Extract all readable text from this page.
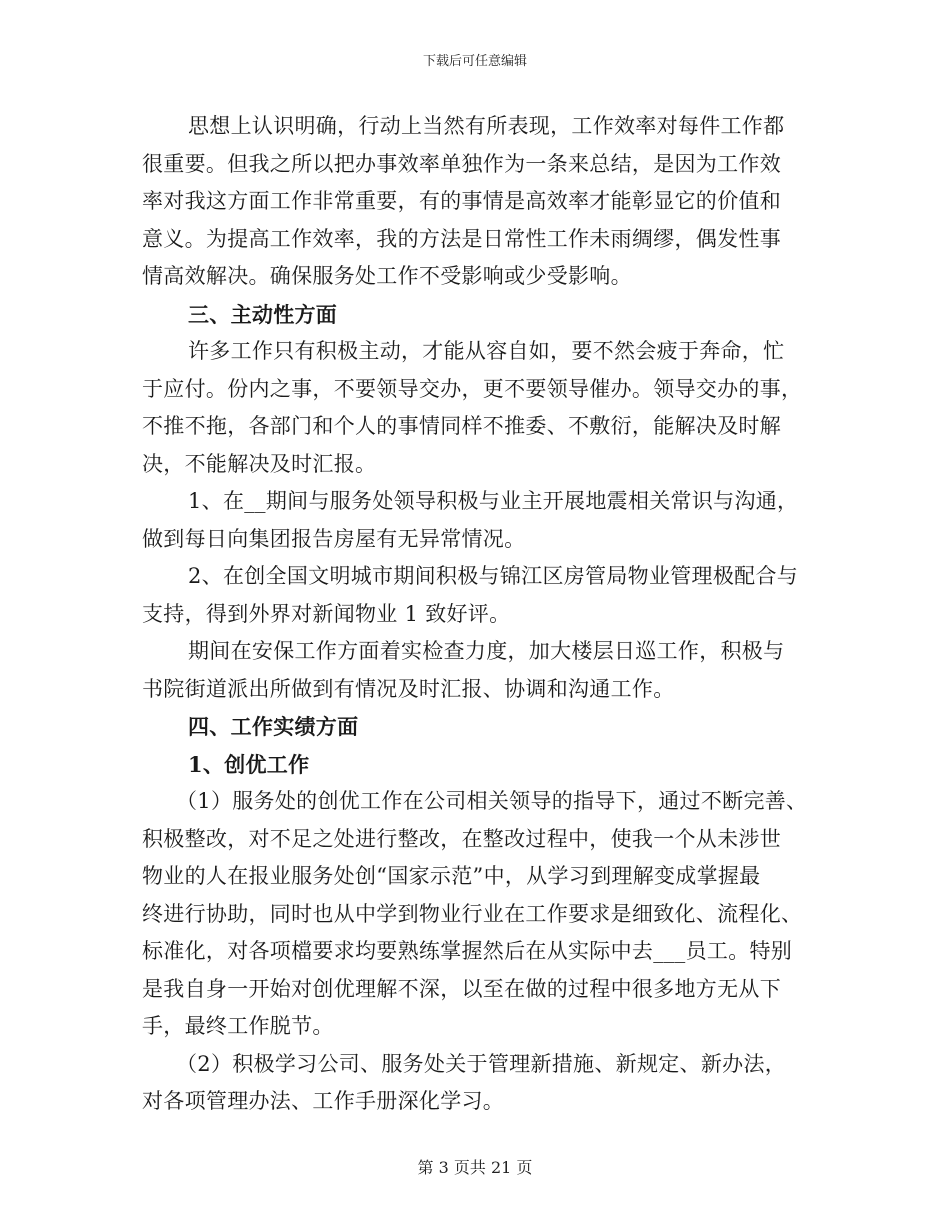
下载后可任意编辑
思想上认识明确，行动上当然有所表现，工作效率对每件工作都
很重要。但我之所以把办事效率单独作为一条来总结，是因为工作效
率对我这方面工作非常重要，有的事情是高效率才能彰显它的价值和
意义。为提高工作效率，我的方法是日常性工作未雨绸缪，偶发性事
情高效解决。确保服务处工作不受影响或少受影响。
三、主动性方面
许多工作只有积极主动，才能从容自如，要不然会疲于奔命，忙
于应付。份内之事，不要领导交办，更不要领导催办。领导交办的事，
不推不拖，各部门和个人的事情同样不推委、不敷衍，能解决及时解
决，不能解决及时汇报。
1、在__期间与服务处领导积极与业主开展地震相关常识与沟通，
做到每日向集团报告房屋有无异常情况。
2、在创全国文明城市期间积极与锦江区房管局物业管理极配合与
支持，得到外界对新闻物业 1 致好评。
期间在安保工作方面着实检查力度，加大楼层日巡工作，积极与
书院街道派出所做到有情况及时汇报、协调和沟通工作。
四、工作实绩方面
1、创优工作
（1）服务处的创优工作在公司相关领导的指导下，通过不断完善、
积极整改，对不足之处进行整改，在整改过程中，使我一个从未涉世
物业的人在报业服务处创“国家示范”中，从学习到理解变成掌握最
终进行协助，同时也从中学到物业行业在工作要求是细致化、流程化、
标准化，对各项檔要求均要熟练掌握然后在从实际中去___员工。特别
是我自身一开始对创优理解不深，以至在做的过程中很多地方无从下
手，最终工作脱节。
（2）积极学习公司、服务处关于管理新措施、新规定、新办法，
对各项管理办法、工作手册深化学习。
第 3 页共 21 页
